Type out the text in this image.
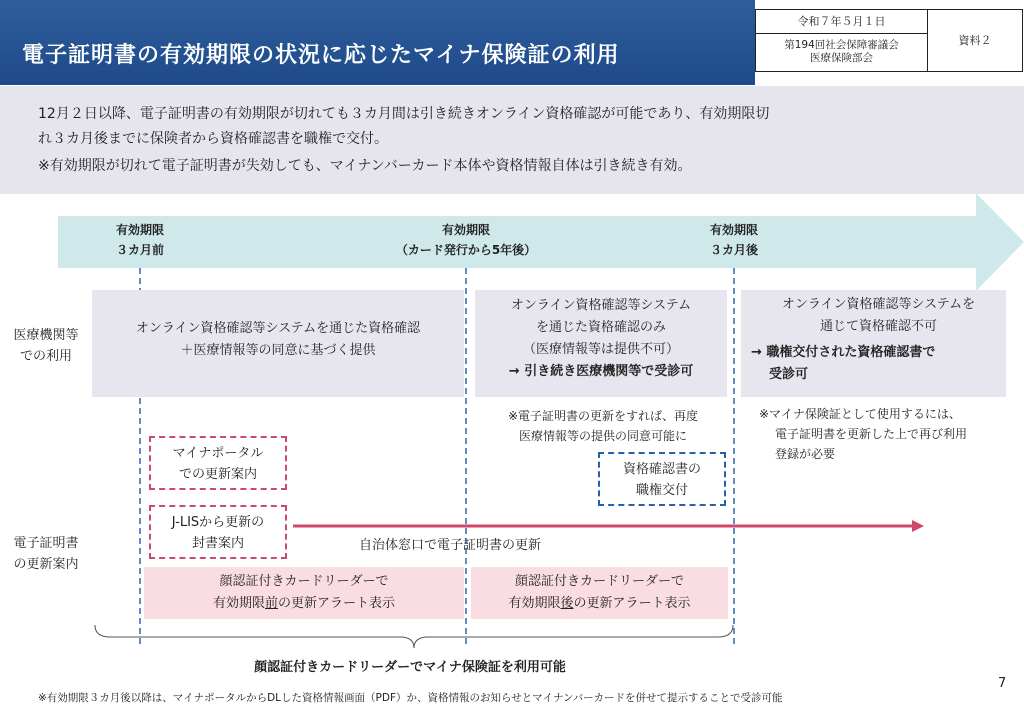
電子証明書の有効期限の状況に応じたマイナ保険証の利用
令和７年５月１日
第194回社会保障審議会
医療保険部会
資料２

12月２日以降、電子証明書の有効期限が切れても３カ月間は引き続きオンライン資格確認が可能であり、有効期限切

れ３カ月後までに保険者から資格確認書を職権で交付。

※有効期限が切れて電子証明書が失効しても、マイナンバーカード本体や資格情報自体は引き続き有効。

有効期限
３カ月前
有効期限
（カード発行から5年後）
有効期限
３カ月後
医療機関等
での利用
電子証明書
の更新案内
オンライン資格確認等システムを通じた資格確認
＋医療情報等の同意に基づく提供
オンライン資格確認等システム
を通じた資格確認のみ
（医療情報等は提供不可）
→ 引き続き医療機関等で受診可
オンライン資格確認等システムを
通じて資格確認不可
→ 職権交付された資格確認書で
受診可
※電子証明書の更新をすれば、再度
医療情報等の提供の同意可能に
※マイナ保険証として使用するには、
電子証明書を更新した上で再び利用
登録が必要
マイナポータル
での更新案内
J-LISから更新の
封書案内
資格確認書の
職権交付
自治体窓口で電子証明書の更新
顔認証付きカードリーダーで
有効期限前の更新アラート表示
顔認証付きカードリーダーで
有効期限後の更新アラート表示
顔認証付きカードリーダーでマイナ保険証を利用可能
7
※有効期限３カ月後以降は、マイナポータルからDLした資格情報画面（PDF）か、資格情報のお知らせとマイナンバーカードを併せて提示することで受診可能
